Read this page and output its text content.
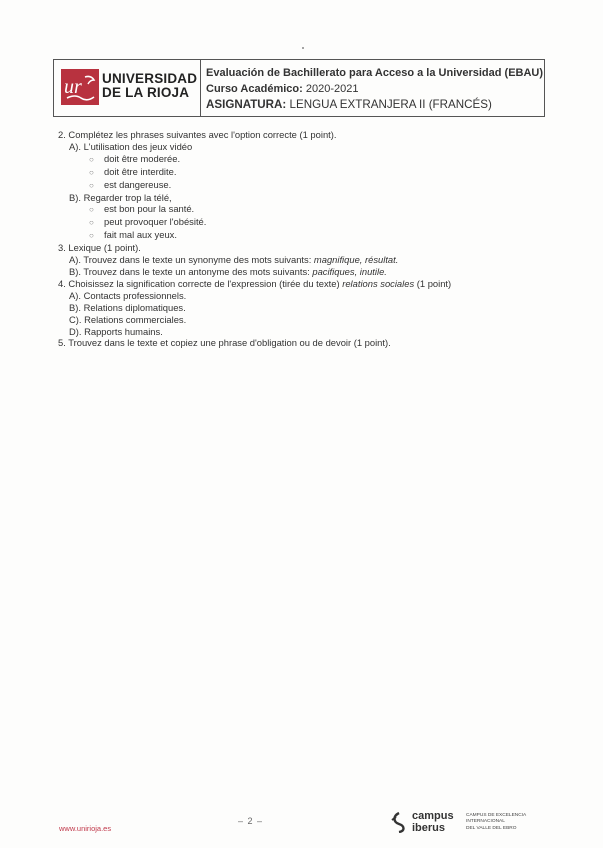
ur UNIVERSIDAD
DE LA RIOJA
Evaluación de Bachillerato para Acceso a la Universidad (EBAU)
Curso Académico: 2020-2021
ASIGNATURA: LENGUA EXTRANJERA II (FRANCÉS)
2. Complétez les phrases suivantes avec l'option correcte (1 point).
A). L'utilisation des jeux vidéo
○ doit être moderée.
○ doit être interdite.
○ est dangereuse.
B). Regarder trop la télé,
○ est bon pour la santé.
○ peut provoquer l'obésité.
○ fait mal aux yeux.
3. Lexique (1 point).
A). Trouvez dans le texte un synonyme des mots suivants: magnifique, résultat.
B). Trouvez dans le texte un antonyme des mots suivants: pacifiques, inutile.
4. Choisissez la signification correcte de l'expression (tirée du texte) relations sociales (1 point)
A). Contacts professionnels.
B). Relations diplomatiques.
C). Relations commerciales.
D). Rapports humains.
5. Trouvez dans le texte et copiez une phrase d'obligation ou de devoir (1 point).
www.unirioja.es
– 2 –	campus
iberus
CAMPUS DE EXCELENCIA
INTERNACIONAL
DEL VALLE DEL EBRO
